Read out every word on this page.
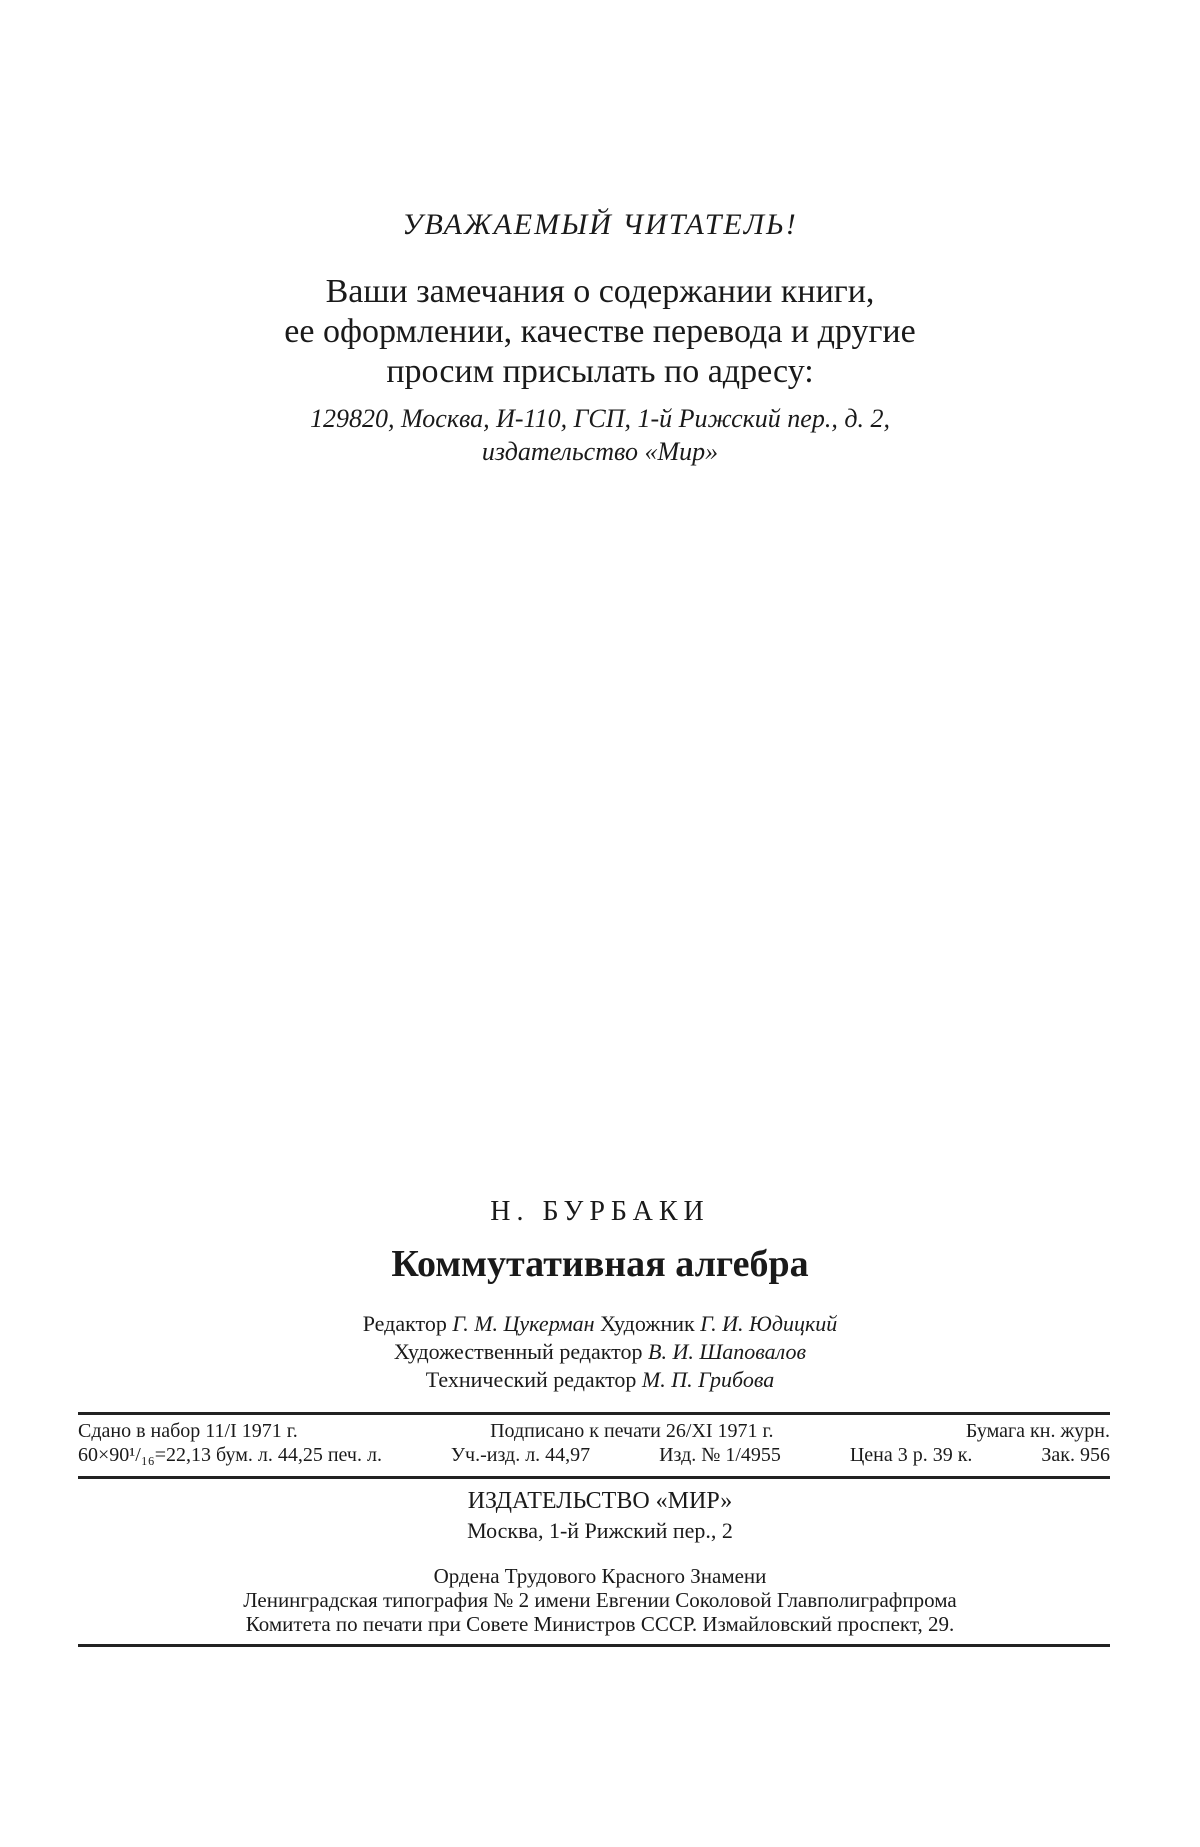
УВАЖАЕМЫЙ ЧИТАТЕЛЬ!
Ваши замечания о содержании книги,
ее оформлении, качестве перевода и другие
просим присылать по адресу:
129820, Москва, И-110, ГСП, 1-й Рижский пер., д. 2,
издательство «Мир»
Н. БУРБАКИ
Коммутативная алгебра
Редактор Г. М. Цукерман Художник Г. И. Юдицкий
Художественный редактор В. И. Шаповалов
Технический редактор М. П. Грибова
Сдано в набор 11/I 1971 г.	Подписано к печати 26/XI 1971 г.	Бумага кн. журн.
60×90¹/₁₆=22,13 бум. л. 44,25 печ. л.	Уч.-изд. л. 44,97	Изд. № 1/4955	Цена 3 р. 39 к.	Зак. 956
ИЗДАТЕЛЬСТВО «МИР»
Москва, 1-й Рижский пер., 2
Ордена Трудового Красного Знамени
Ленинградская типография № 2 имени Евгении Соколовой Главполиграфпрома
Комитета по печати при Совете Министров СССР. Измайловский проспект, 29.
